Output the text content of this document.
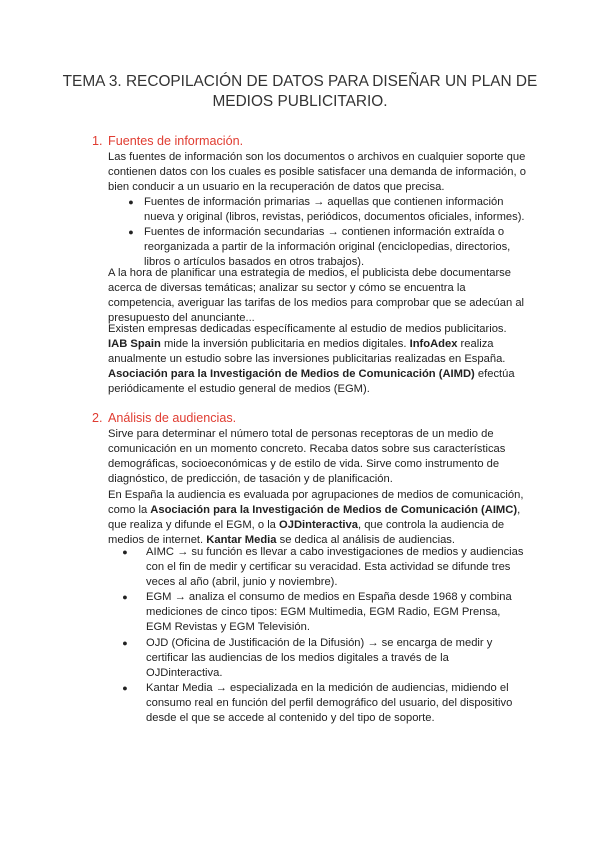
TEMA 3. RECOPILACIÓN DE DATOS PARA DISEÑAR UN PLAN DE MEDIOS PUBLICITARIO.
1. Fuentes de información.
Las fuentes de información son los documentos o archivos en cualquier soporte que contienen datos con los cuales es posible satisfacer una demanda de información, o bien conducir a un usuario en la recuperación de datos que precisa.
● Fuentes de información primarias → aquellas que contienen información nueva y original (libros, revistas, periódicos, documentos oficiales, informes).
● Fuentes de información secundarias → contienen información extraída o reorganizada a partir de la información original (enciclopedias, directorios, libros o artículos basados en otros trabajos).
A la hora de planificar una estrategia de medios, el publicista debe documentarse acerca de diversas temáticas; analizar su sector y cómo se encuentra la competencia, averiguar las tarifas de los medios para comprobar que se adecúan al presupuesto del anunciante...
Existen empresas dedicadas específicamente al estudio de medios publicitarios. IAB Spain mide la inversión publicitaria en medios digitales. InfoAdex realiza anualmente un estudio sobre las inversiones publicitarias realizadas en España. Asociación para la Investigación de Medios de Comunicación (AIMD) efectúa periódicamente el estudio general de medios (EGM).
2. Análisis de audiencias.
Sirve para determinar el número total de personas receptoras de un medio de comunicación en un momento concreto. Recaba datos sobre sus características demográficas, socioeconómicas y de estilo de vida. Sirve como instrumento de diagnóstico, de predicción, de tasación y de planificación.
En España la audiencia es evaluada por agrupaciones de medios de comunicación, como la Asociación para la Investigación de Medios de Comunicación (AIMC), que realiza y difunde el EGM, o la OJDinteractiva, que controla la audiencia de medios de internet. Kantar Media se dedica al análisis de audiencias.
● AIMC → su función es llevar a cabo investigaciones de medios y audiencias con el fin de medir y certificar su veracidad. Esta actividad se difunde tres veces al año (abril, junio y noviembre).
● EGM → analiza el consumo de medios en España desde 1968 y combina mediciones de cinco tipos: EGM Multimedia, EGM Radio, EGM Prensa, EGM Revistas y EGM Televisión.
● OJD (Oficina de Justificación de la Difusión) → se encarga de medir y certificar las audiencias de los medios digitales a través de la OJDinteractiva.
● Kantar Media → especializada en la medición de audiencias, midiendo el consumo real en función del perfil demográfico del usuario, del dispositivo desde el que se accede al contenido y del tipo de soporte.
